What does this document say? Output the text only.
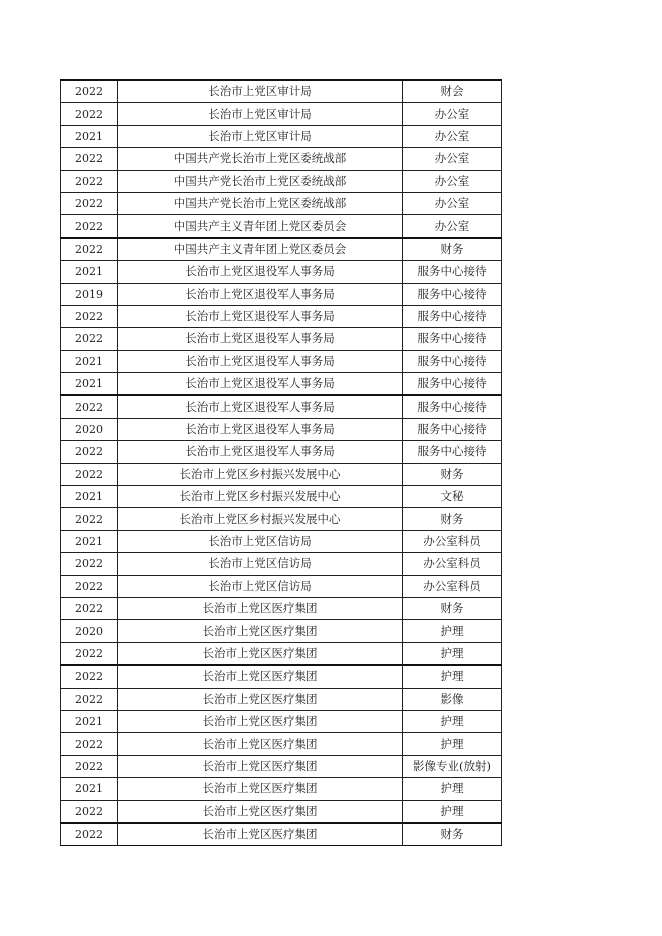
2022	长治市上党区审计局	财会
2022	长治市上党区审计局	办公室
2021	长治市上党区审计局	办公室
2022	中国共产党长治市上党区委统战部	办公室
2022	中国共产党长治市上党区委统战部	办公室
2022	中国共产党长治市上党区委统战部	办公室
2022	中国共产主义青年团上党区委员会	办公室
2022	中国共产主义青年团上党区委员会	财务
2021	长治市上党区退役军人事务局	服务中心接待
2019	长治市上党区退役军人事务局	服务中心接待
2022	长治市上党区退役军人事务局	服务中心接待
2022	长治市上党区退役军人事务局	服务中心接待
2021	长治市上党区退役军人事务局	服务中心接待
2021	长治市上党区退役军人事务局	服务中心接待
2022	长治市上党区退役军人事务局	服务中心接待
2020	长治市上党区退役军人事务局	服务中心接待
2022	长治市上党区退役军人事务局	服务中心接待
2022	长治市上党区乡村振兴发展中心	财务
2021	长治市上党区乡村振兴发展中心	文秘
2022	长治市上党区乡村振兴发展中心	财务
2021	长治市上党区信访局	办公室科员
2022	长治市上党区信访局	办公室科员
2022	长治市上党区信访局	办公室科员
2022	长治市上党区医疗集团	财务
2020	长治市上党区医疗集团	护理
2022	长治市上党区医疗集团	护理
2022	长治市上党区医疗集团	护理
2022	长治市上党区医疗集团	影像
2021	长治市上党区医疗集团	护理
2022	长治市上党区医疗集团	护理
2022	长治市上党区医疗集团	影像专业(放射)
2021	长治市上党区医疗集团	护理
2022	长治市上党区医疗集团	护理
2022	长治市上党区医疗集团	财务
